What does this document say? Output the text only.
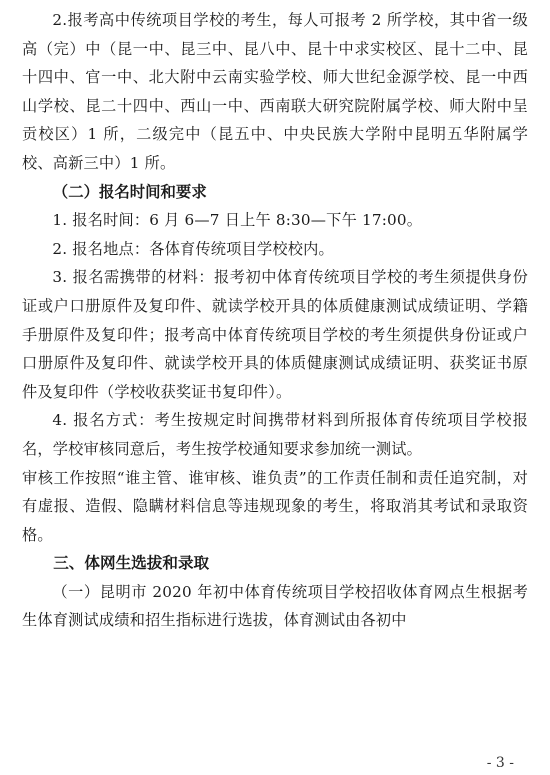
2.报考高中传统项目学校的考生，每人可报考 2 所学校，其中省一级高（完）中（昆一中、昆三中、昆八中、昆十中求实校区、昆十二中、昆十四中、官一中、北大附中云南实验学校、师大世纪金源学校、昆一中西山学校、昆二十四中、西山一中、西南联大研究院附属学校、师大附中呈贡校区）1 所，二级完中（昆五中、中央民族大学附中昆明五华附属学校、高新三中）1 所。

（二）报名时间和要求

1. 报名时间：6 月 6—7 日上午 8:30—下午 17:00。

2. 报名地点：各体育传统项目学校校内。

3. 报名需携带的材料：报考初中体育传统项目学校的考生须提供身份证或户口册原件及复印件、就读学校开具的体质健康测试成绩证明、学籍手册原件及复印件；报考高中体育传统项目学校的考生须提供身份证或户口册原件及复印件、就读学校开具的体质健康测试成绩证明、获奖证书原件及复印件（学校收获奖证书复印件）。

4. 报名方式：考生按规定时间携带材料到所报体育传统项目学校报名，学校审核同意后，考生按学校通知要求参加统一测试。

审核工作按照“谁主管、谁审核、谁负责”的工作责任制和责任追究制，对有虚报、造假、隐瞒材料信息等违规现象的考生，将取消其考试和录取资格。

三、体网生选拔和录取

（一）昆明市 2020 年初中体育传统项目学校招收体育网点生根据考生体育测试成绩和招生指标进行选拔，体育测试由各初中

- 3 -
